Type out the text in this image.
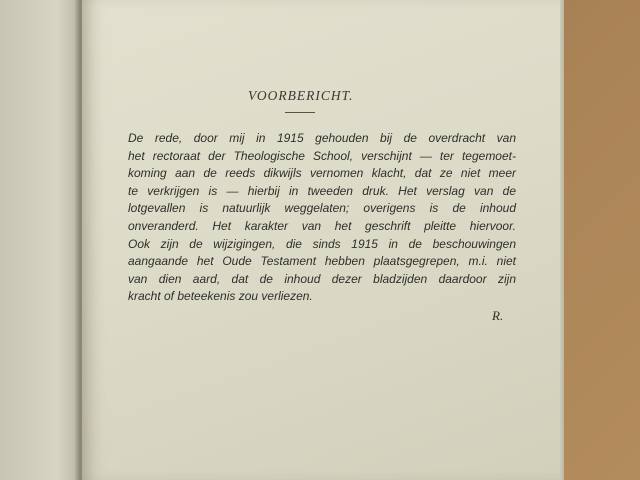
VOORBERICHT.
De rede, door mij in 1915 gehouden bij de overdracht van
het rectoraat der Theologische School, verschijnt — ter tegemoet-
koming aan de reeds dikwijls vernomen klacht, dat ze niet meer
te verkrijgen is — hierbij in tweeden druk. Het verslag van de
lotgevallen is natuurlijk weggelaten; overigens is de inhoud
onveranderd. Het karakter van het geschrift pleitte hiervoor.
Ook zijn de wijzigingen, die sinds 1915 in de beschouwingen
aangaande het Oude Testament hebben plaatsgegrepen, m.i. niet
van dien aard, dat de inhoud dezer bladzijden daardoor zijn
kracht of beteekenis zou verliezen.
R.
